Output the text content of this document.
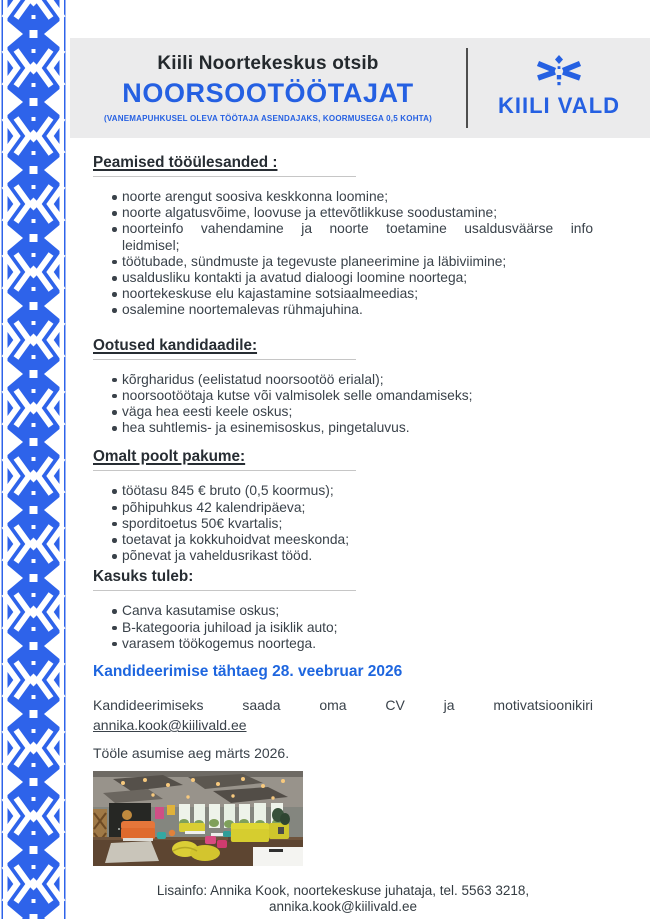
Kiili Noortekeskus otsib
NOORSOOTÖÖTAJAT
(VANEMAPUHKUSEL OLEVA TÖÖTAJA ASENDAJAKS, KOORMUSEGA 0,5 KOHTA)
KIILI VALD
Peamised tööülesanded :
noorte arengut soosiva keskkonna loomine;
noorte algatusvõime, loovuse ja ettevõtlikkuse soodustamine;
noorteinfo vahendamine ja noorte toetamine usaldusväärse info
leidmisel;
töötubade, sündmuste ja tegevuste planeerimine ja läbiviimine;
usaldusliku kontakti ja avatud dialoogi loomine noortega;
noortekeskuse elu kajastamine sotsiaalmeedias;
osalemine noortemalevas rühmajuhina.
Ootused kandidaadile:
kõrgharidus (eelistatud noorsootöö erialal);
noorsootöötaja kutse või valmisolek selle omandamiseks;
väga hea eesti keele oskus;
hea suhtlemis- ja esinemisoskus, pingetaluvus.
Omalt poolt pakume:
töötasu 845 € bruto (0,5 koormus);
põhipuhkus 42 kalendripäeva;
sporditoetus 50€ kvartalis;
toetavat ja kokkuhoidvat meeskonda;
põnevat ja vaheldusrikast tööd.
Kasuks tuleb:
Canva kasutamise oskus;
B-kategooria juhiload ja isiklik auto;
varasem töökogemus noortega.
Kandideerimise tähtaeg 28. veebruar 2026
Kandideerimiseks saada oma CV ja motivatsioonikiri
annika.kook@kiilivald.ee
Tööle asumise aeg märts 2026.
Lisainfo: Annika Kook, noortekeskuse juhataja, tel. 5563 3218,
annika.kook@kiilivald.ee
